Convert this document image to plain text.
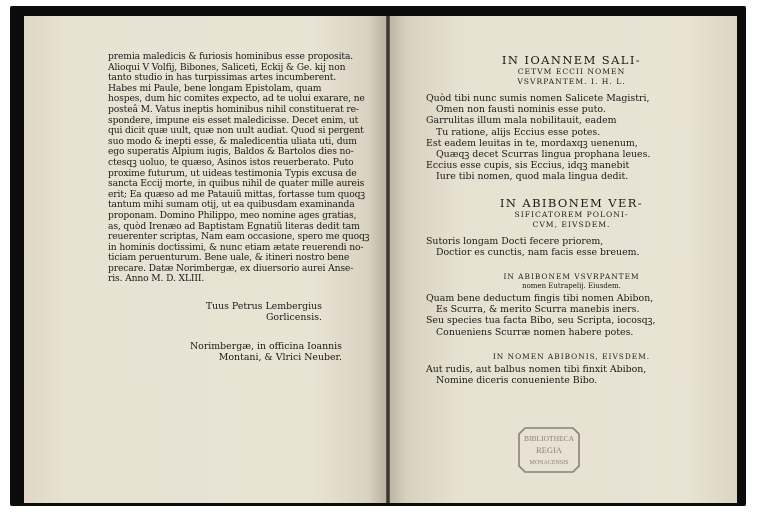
premia maledicis & furiosis hominibus esse proposita.
Alioqui V Volfij, Bibones, Saliceti, Eckij & Ge. kij non
tanto studio in has turpissimas artes incumberent.
Habes mi Paule, bene longam Epistolam, quam
hospes, dum hic comites expecto, ad te uolui exarare, ne
posteâ M. Vatus ineptis hominibus nihil constituerat re-
spondere, impune eis esset maledicisse. Decet enim, ut
qui dicit quæ uult, quæ non uult audiat. Quod si pergent
suo modo & inepti esse, & maledicentia uliata uti, dum
ego superatis Alpium iugis, Baldos & Bartolos dies no-
ctesqꝫ uoluo, te quæso, Asinos istos reuerberato. Puto
proxime futurum, ut uideas testimonia Typis excusa de
sancta Eccij morte, in quibus nihil de quater mille aureis
erit; Ea quæso ad me Patauiũ mittas, fortasse tum quoqꝫ
tantum mihi sumam otij, ut ea quibusdam examinanda
proponam. Domino Philippo, meo nomine ages gratias,
as, quòd Irenæo ad Baptistam Egnatiũ literas dedit tam
reuerenter scriptas, Nam eam occasione, spero me quoqꝫ
in hominis doctissimi, & nunc etiam ætate reuerendi no-
ticiam peruenturum. Bene uale, & itineri nostro bene
precare. Datæ Norimbergæ, ex diuersorio aurei Anse-
ris. Anno M. D. XLIII.
Tuus Petrus Lembergius
Gorlicensis.
Norimbergæ, in officina Ioannis
Montani, & Vlrici Neuber.
IN IOANNEM SALI-
CETVM ECCII NOMEN
VSVRPANTEM. I. H. L.
Quòd tibi nunc sumis nomen Salicete Magistri,
Omen non fausti nominis esse puto.
Garrulitas illum mala nobilitauit, eadem
Tu ratione, alijs Eccius esse potes.
Est eadem leuitas in te, mordaxqꝫ uenenum,
Quæqꝫ decet Scurras lingua prophana leues.
Eccius esse cupis, sis Eccius, idqꝫ manebit
Iure tibi nomen, quod mala lingua dedit.
IN ABIBONEM VER-
SIFICATOREM POLONI-
CVM, EIVSDEM.
Sutoris longam Docti fecere priorem,
Doctior es cunctis, nam facis esse breuem.
IN ABIBONEM VSVRPANTEM
nomen Eutrapelij. Eiusdem.
Quam bene deductum fingis tibi nomen Abibon,
Es Scurra, & merito Scurra manebis iners.
Seu species tua facta Bibo, seu Scripta, iocosqꝫ,
Conueniens Scurræ nomen habere potes.
IN NOMEN ABIBONIS, EIVSDEM.
Aut rudis, aut balbus nomen tibi finxit Abibon,
Nomine diceris conueniente Bibo.
BIBLIOTHECA
REGIA
MONACENSIS
